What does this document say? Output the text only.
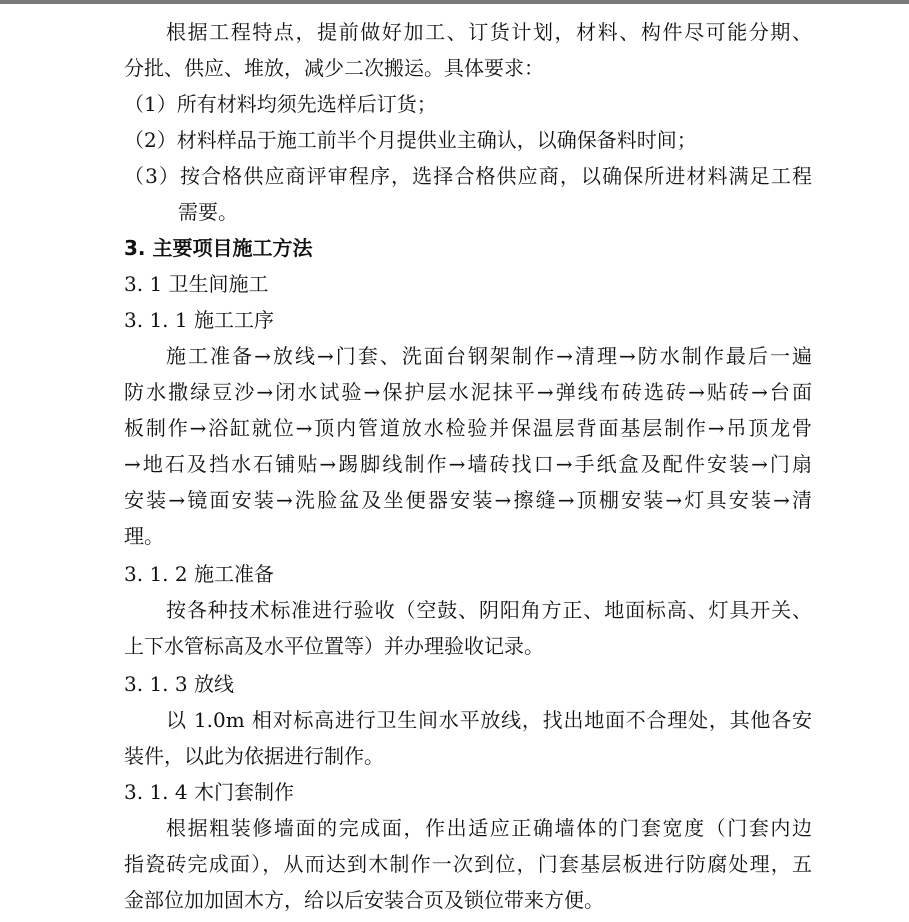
根据工程特点，提前做好加工、订货计划，材料、构件尽可能分期、
分批、供应、堆放，减少二次搬运。具体要求：
（1）所有材料均须先选样后订货；
（2）材料样品于施工前半个月提供业主确认，以确保备料时间；
（3）按合格供应商评审程序，选择合格供应商，以确保所进材料满足工程
需要。
3. 主要项目施工方法
3. 1 卫生间施工
3. 1. 1 施工工序
施工准备→放线→门套、洗面台钢架制作→清理→防水制作最后一遍
防水撒绿豆沙→闭水试验→保护层水泥抹平→弹线布砖选砖→贴砖→台面
板制作→浴缸就位→顶内管道放水检验并保温层背面基层制作→吊顶龙骨
→地石及挡水石铺贴→踢脚线制作→墙砖找口→手纸盒及配件安装→门扇
安装→镜面安装→洗脸盆及坐便器安装→擦缝→顶棚安装→灯具安装→清
理。
3. 1. 2 施工准备
按各种技术标准进行验收（空鼓、阴阳角方正、地面标高、灯具开关、
上下水管标高及水平位置等）并办理验收记录。
3. 1. 3 放线
以 1.0m 相对标高进行卫生间水平放线，找出地面不合理处，其他各安
装件，以此为依据进行制作。
3. 1. 4 木门套制作
根据粗装修墙面的完成面，作出适应正确墙体的门套宽度（门套内边
指瓷砖完成面），从而达到木制作一次到位，门套基层板进行防腐处理，五
金部位加加固木方，给以后安装合页及锁位带来方便。
